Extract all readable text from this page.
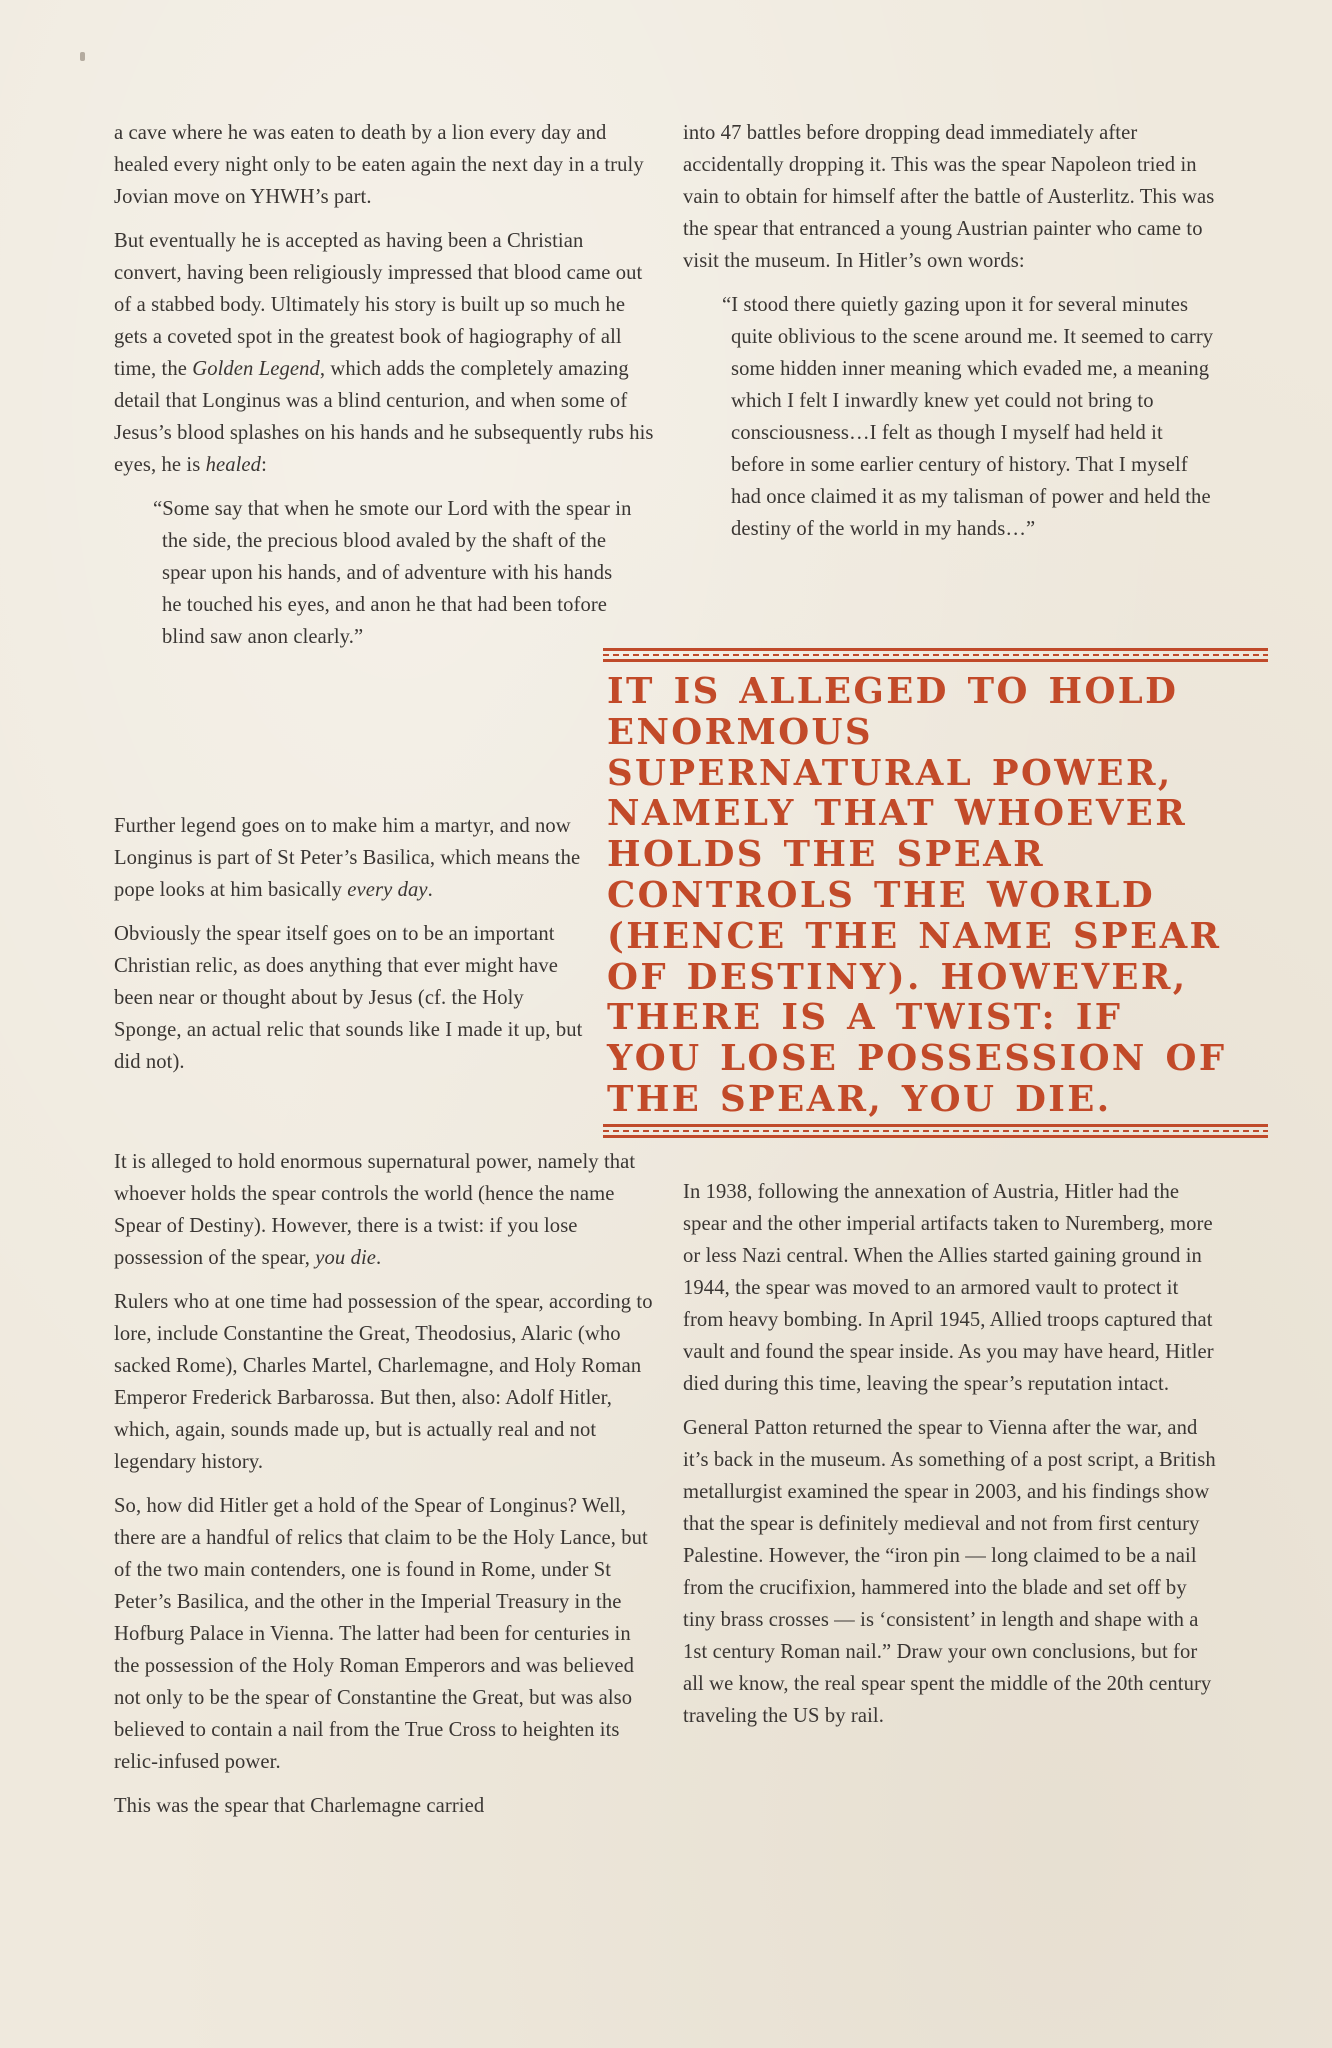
a cave where he was eaten to death by a lion every day and healed every night only to be eaten again the next day in a truly Jovian move on YHWH’s part.

But eventually he is accepted as having been a Christian convert, having been religiously impressed that blood came out of a stabbed body. Ultimately his story is built up so much he gets a coveted spot in the greatest book of hagiography of all time, the Golden Legend, which adds the completely amazing detail that Longinus was a blind centurion, and when some of Jesus’s blood splashes on his hands and he subsequently rubs his eyes, he is healed:

“Some say that when he smote our Lord with the spear in the side, the precious blood avaled by the shaft of the spear upon his hands, and of adventure with his hands he touched his eyes, and anon he that had been tofore blind saw anon clearly.”

Further legend goes on to make him a martyr, and now Longinus is part of St Peter’s Basilica, which means the pope looks at him basically every day.

Obviously the spear itself goes on to be an important Christian relic, as does anything that ever might have been near or thought about by Jesus (cf. the Holy Sponge, an actual relic that sounds like I made it up, but did not).

It is alleged to hold enormous supernatural power, namely that whoever holds the spear controls the world (hence the name Spear of Destiny). However, there is a twist: if you lose possession of the spear, you die.

Rulers who at one time had possession of the spear, according to lore, include Constantine the Great, Theodosius, Alaric (who sacked Rome), Charles Martel, Charlemagne, and Holy Roman Emperor Frederick Barbarossa. But then, also: Adolf Hitler, which, again, sounds made up, but is actually real and not legendary history.

So, how did Hitler get a hold of the Spear of Longinus? Well, there are a handful of relics that claim to be the Holy Lance, but of the two main contenders, one is found in Rome, under St Peter’s Basilica, and the other in the Imperial Treasury in the Hofburg Palace in Vienna. The latter had been for centuries in the possession of the Holy Roman Emperors and was believed not only to be the spear of Constantine the Great, but was also believed to contain a nail from the True Cross to heighten its relic-infused power.

This was the spear that Charlemagne carried

into 47 battles before dropping dead immediately after accidentally dropping it. This was the spear Napoleon tried in vain to obtain for himself after the battle of Austerlitz. This was the spear that entranced a young Austrian painter who came to visit the museum. In Hitler’s own words:

“I stood there quietly gazing upon it for several minutes quite oblivious to the scene around me. It seemed to carry some hidden inner meaning which evaded me, a meaning which I felt I inwardly knew yet could not bring to consciousness…I felt as though I myself had held it before in some earlier century of history. That I myself had once claimed it as my talisman of power and held the destiny of the world in my hands…”

IT IS ALLEGED TO HOLD ENORMOUS
SUPERNATURAL POWER,
NAMELY THAT WHOEVER
HOLDS THE SPEAR
CONTROLS THE WORLD
(HENCE THE NAME SPEAR
OF DESTINY). HOWEVER,
THERE IS A TWIST: IF
YOU LOSE POSSESSION OF
THE SPEAR, YOU DIE.

In 1938, following the annexation of Austria, Hitler had the spear and the other imperial artifacts taken to Nuremberg, more or less Nazi central. When the Allies started gaining ground in 1944, the spear was moved to an armored vault to protect it from heavy bombing. In April 1945, Allied troops captured that vault and found the spear inside. As you may have heard, Hitler died during this time, leaving the spear’s reputation intact.

General Patton returned the spear to Vienna after the war, and it’s back in the museum. As something of a post script, a British metallurgist examined the spear in 2003, and his findings show that the spear is definitely medieval and not from first century Palestine. However, the “iron pin — long claimed to be a nail from the crucifixion, hammered into the blade and set off by tiny brass crosses — is ‘consistent’ in length and shape with a 1st century Roman nail.” Draw your own conclusions, but for all we know, the real spear spent the middle of the 20th century traveling the US by rail.
